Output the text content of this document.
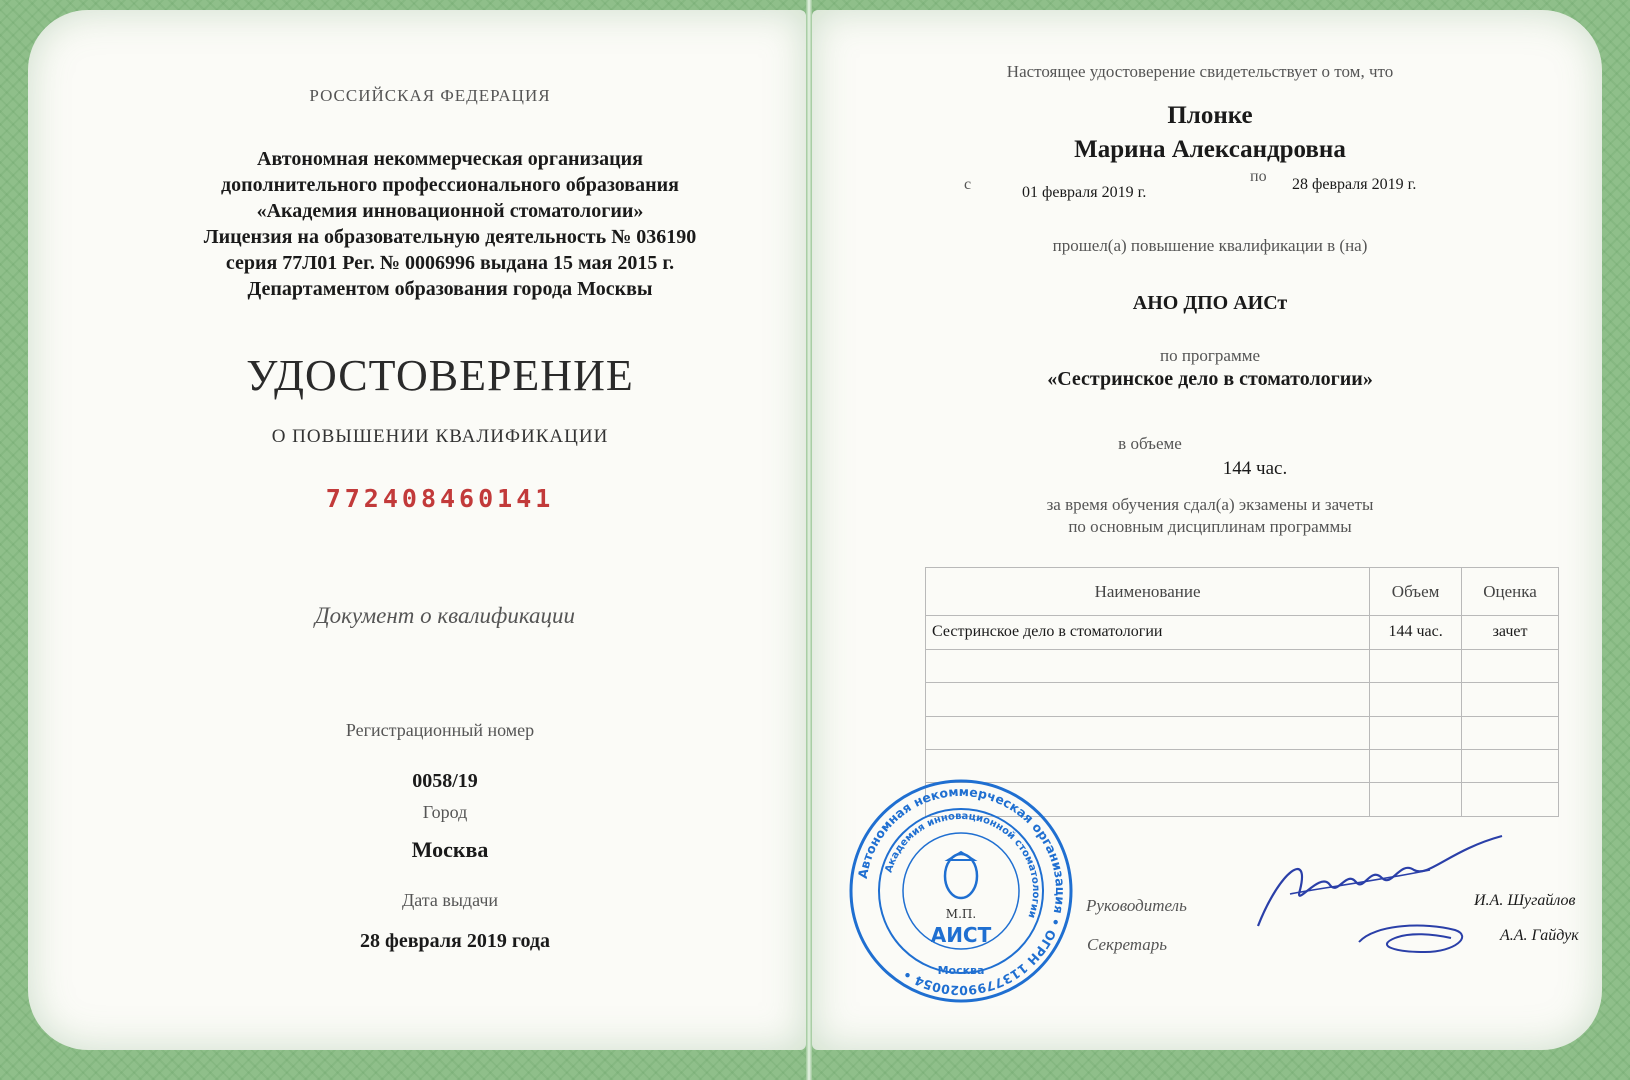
РОССИЙСКАЯ ФЕДЕРАЦИЯ
Автономная некоммерческая организация
дополнительного профессионального образования
«Академия инновационной стоматологии»
Лицензия на образовательную деятельность № 036190
серия 77Л01 Рег. № 0006996 выдана 15 мая 2015 г.
Департаментом образования города Москвы
УДОСТОВЕРЕНИЕ
О ПОВЫШЕНИИ КВАЛИФИКАЦИИ
772408460141
Документ о квалификации
Регистрационный номер
0058/19
Город
Москва
Дата выдачи
28 февраля 2019 года
Настоящее удостоверение свидетельствует о том, что
Плонке
Марина Александровна
с	01 февраля 2019 г.
по 28 февраля 2019 г.
прошел(а) повышение квалификации в (на)
АНО ДПО АИСт
по программе
«Сестринское дело в стоматологии»
в объеме
144 час.
за время обучения сдал(а) экзамены и зачеты
по основным дисциплинам программы
Наименование	Объем	Оценка
Сестринское дело в стоматологии	144 час.	зачет

Автономная некоммерческая организация • ОГРН 1137799020054 •
Академия инновационной стоматологии
М.П.
АИСТ
Москва
Руководитель
Секретарь
И.А. Шугайлов
А.А. Гайдук
